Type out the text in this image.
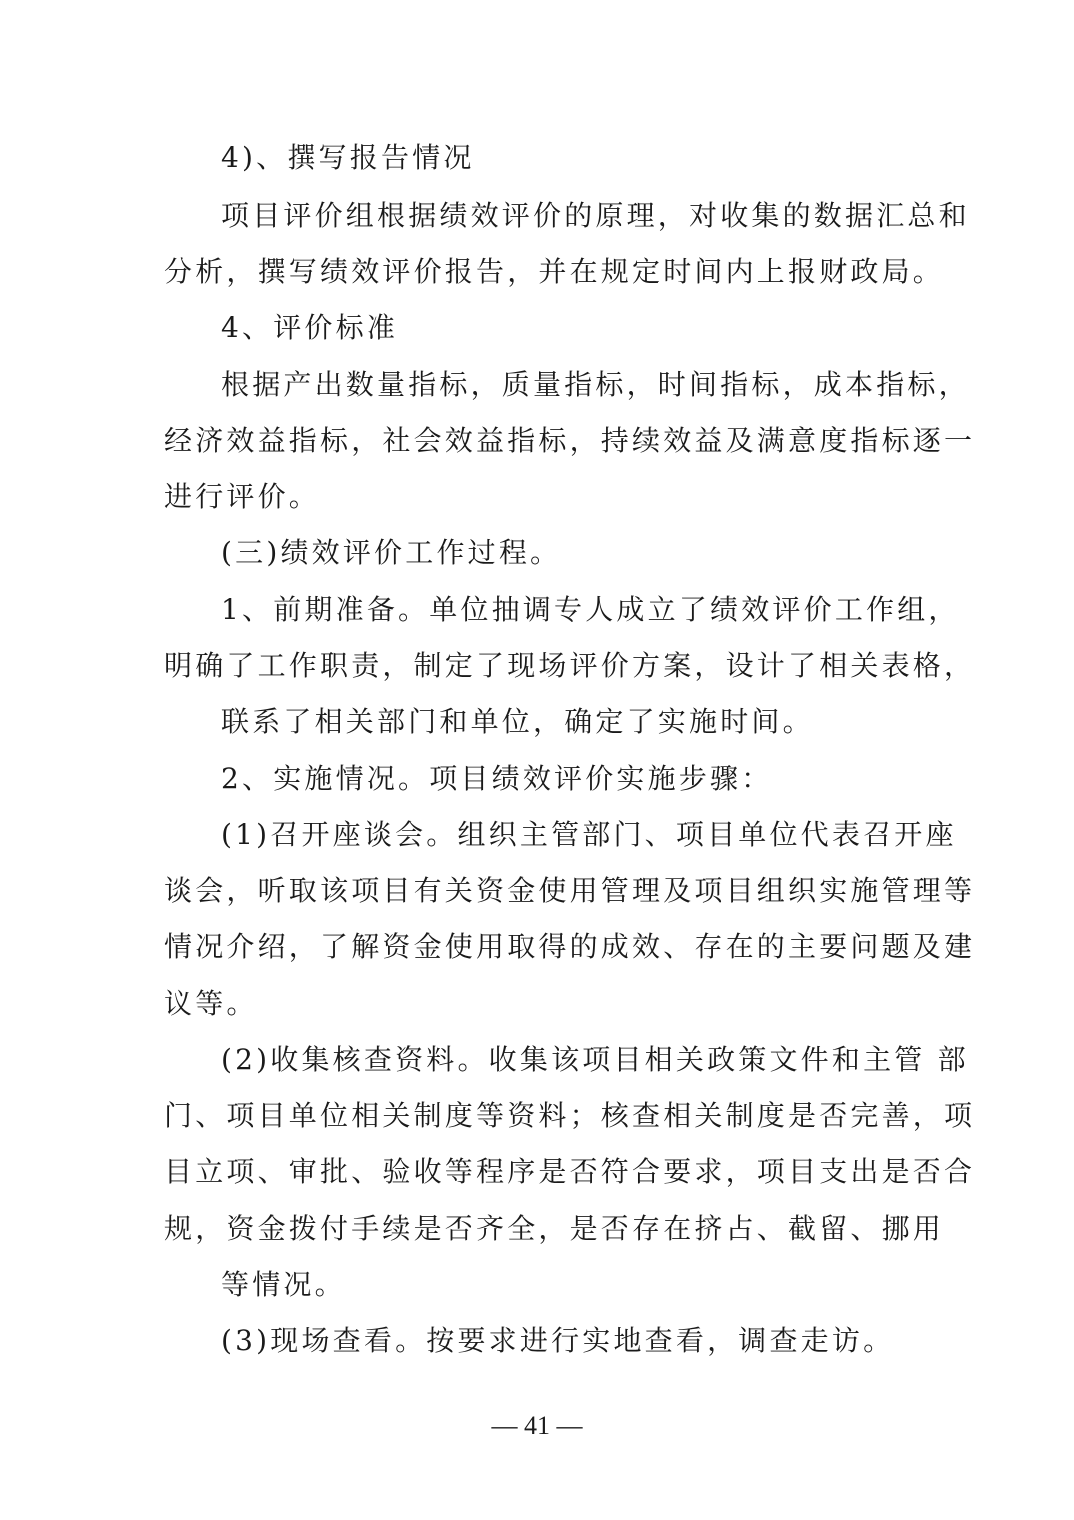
4)、撰写报告情况
项目评价组根据绩效评价的原理，对收集的数据汇总和
分析，撰写绩效评价报告，并在规定时间内上报财政局。
4、评价标准
根据产出数量指标，质量指标，时间指标，成本指标，
经济效益指标，社会效益指标，持续效益及满意度指标逐一
进行评价。
(三)绩效评价工作过程。
1、前期准备。单位抽调专人成立了绩效评价工作组，
明确了工作职责，制定了现场评价方案，设计了相关表格，
联系了相关部门和单位，确定了实施时间。
2、实施情况。项目绩效评价实施步骤：
(1)召开座谈会。组织主管部门、项目单位代表召开座
谈会，听取该项目有关资金使用管理及项目组织实施管理等
情况介绍，了解资金使用取得的成效、存在的主要问题及建
议等。
(2)收集核查资料。收集该项目相关政策文件和主管 部
门、项目单位相关制度等资料；核查相关制度是否完善，项
目立项、审批、验收等程序是否符合要求，项目支出是否合
规，资金拨付手续是否齐全，是否存在挤占、截留、挪用
等情况。
(3)现场查看。按要求进行实地查看，调查走访。
— 41 —
